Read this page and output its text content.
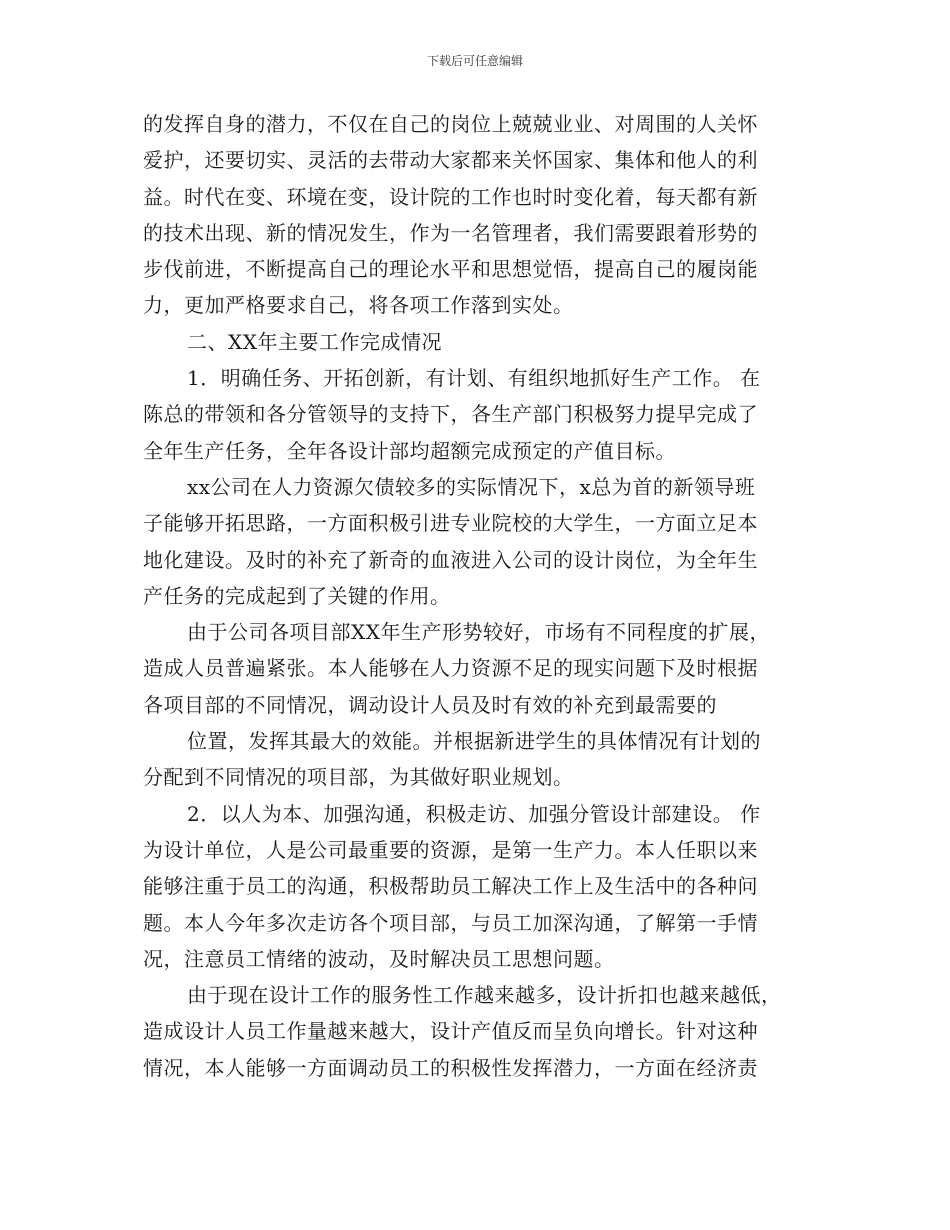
下载后可任意编辑
的发挥自身的潜力，不仅在自己的岗位上兢兢业业、对周围的人关怀
爱护，还要切实、灵活的去带动大家都来关怀国家、集体和他人的利
益。时代在变、环境在变，设计院的工作也时时变化着，每天都有新
的技术出现、新的情况发生，作为一名管理者，我们需要跟着形势的
步伐前进，不断提高自己的理论水平和思想觉悟，提高自己的履岗能
力，更加严格要求自己，将各项工作落到实处。
二、XX年主要工作完成情况
1．明确任务、开拓创新，有计划、有组织地抓好生产工作。 在
陈总的带领和各分管领导的支持下，各生产部门积极努力提早完成了
全年生产任务，全年各设计部均超额完成预定的产值目标。
xx公司在人力资源欠债较多的实际情况下，x总为首的新领导班
子能够开拓思路，一方面积极引进专业院校的大学生，一方面立足本
地化建设。及时的补充了新奇的血液进入公司的设计岗位，为全年生
产任务的完成起到了关键的作用。
由于公司各项目部XX年生产形势较好，市场有不同程度的扩展，
造成人员普遍紧张。本人能够在人力资源不足的现实问题下及时根据
各项目部的不同情况，调动设计人员及时有效的补充到最需要的
位置，发挥其最大的效能。并根据新进学生的具体情况有计划的
分配到不同情况的项目部，为其做好职业规划。
2．以人为本、加强沟通，积极走访、加强分管设计部建设。 作
为设计单位，人是公司最重要的资源，是第一生产力。本人任职以来
能够注重于员工的沟通，积极帮助员工解决工作上及生活中的各种问
题。本人今年多次走访各个项目部，与员工加深沟通，了解第一手情
况，注意员工情绪的波动，及时解决员工思想问题。
由于现在设计工作的服务性工作越来越多，设计折扣也越来越低，
造成设计人员工作量越来越大，设计产值反而呈负向增长。针对这种
情况，本人能够一方面调动员工的积极性发挥潜力，一方面在经济责
